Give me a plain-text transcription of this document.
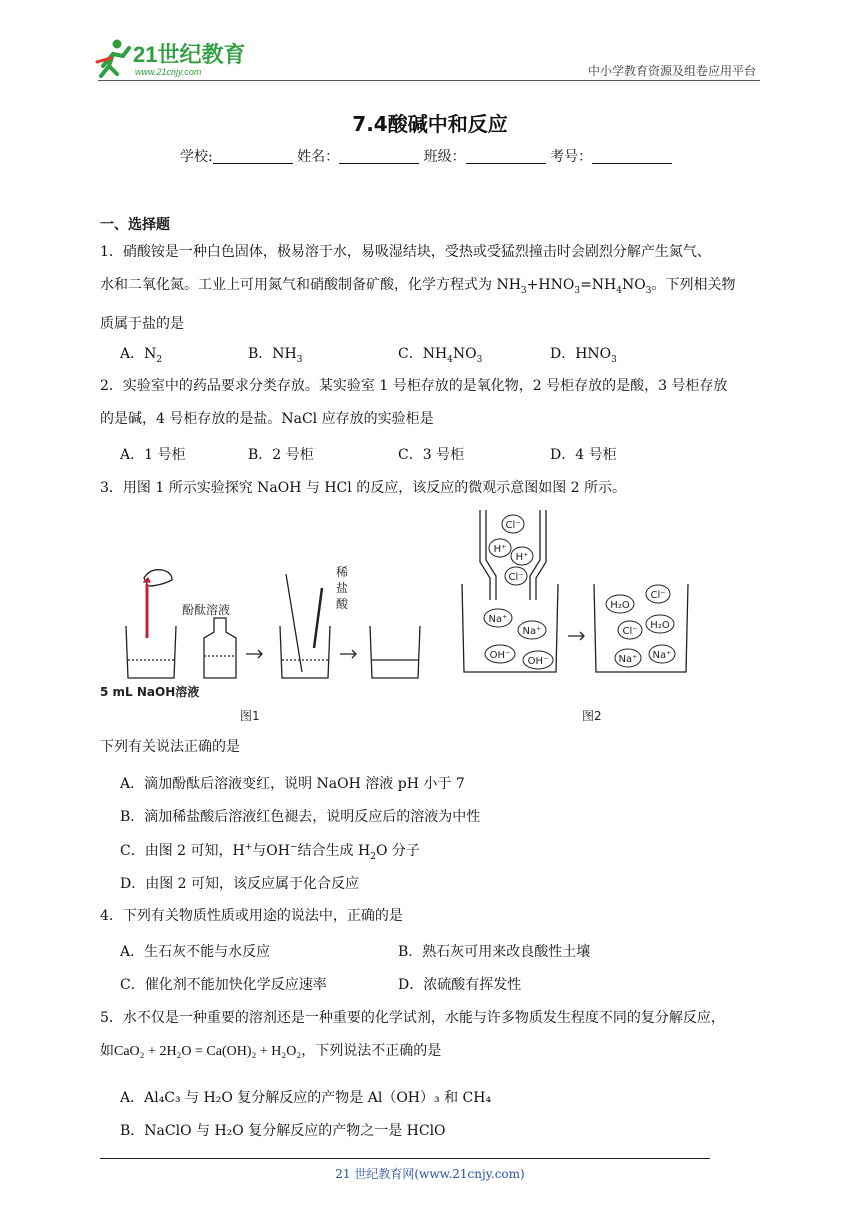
21世纪教育
www.21cnjy.com	中小学教育资源及组卷应用平台
7.4酸碱中和反应
学校:	姓名：	班级：	考号：
一、选择题
1．硝酸铵是一种白色固体，极易溶于水，易吸湿结块，受热或受猛烈撞击时会剧烈分解产生氮气、
水和二氧化氮。工业上可用氮气和硝酸制备矿酸，化学方程式为 $NH_3+HNO_3=NH_4NO_3$。下列相关物
质属于盐的是
A．$N_2$	B．$NH_3$	C．$NH_4NO_3$	D．$HNO_3$
2．实验室中的药品要求分类存放。某实验室 1 号柜存放的是氧化物，2 号柜存放的是酸，3 号柜存放
的是碱，4 号柜存放的是盐。NaCl 应存放的实验柜是
A．1 号柜	B．2 号柜	C．3 号柜	D．4 号柜
3．用图 1 所示实验探究 NaOH 与 HCl 的反应，该反应的微观示意图如图 2 所示。
酚酞溶液
稀
盐
酸
5 mL NaOH溶液
图1
Cl⁻
H⁺
H⁺
Cl⁻
Na⁺
Na⁺
OH⁻
OH⁻
Cl⁻
H₂O
H₂O
Cl⁻
Na⁺ Na⁺
图2
下列有关说法正确的是
A．滴加酚酞后溶液变红，说明 NaOH 溶液 pH 小于 7
B．滴加稀盐酸后溶液红色褪去，说明反应后的溶液为中性
C．由图 2 可知，H+与OH−结合生成 $H_2O$ 分子
D．由图 2 可知，该反应属于化合反应
4．下列有关物质性质或用途的说法中，正确的是
A．生石灰不能与水反应	B．熟石灰可用来改良酸性土壤
C．催化剂不能加快化学反应速率	D．浓硫酸有挥发性
5．水不仅是一种重要的溶剂还是一种重要的化学试剂，水能与许多物质发生程度不同的复分解反应，
如CaO₂ + 2H₂O = Ca(OH)₂ + H₂O₂，下列说法不正确的是
A．Al₄C₃ 与 H₂O 复分解反应的产物是 Al（OH）₃ 和 CH₄
B．NaClO 与 H₂O 复分解反应的产物之一是 HClO
21 世纪教育网(www.21cnjy.com)
